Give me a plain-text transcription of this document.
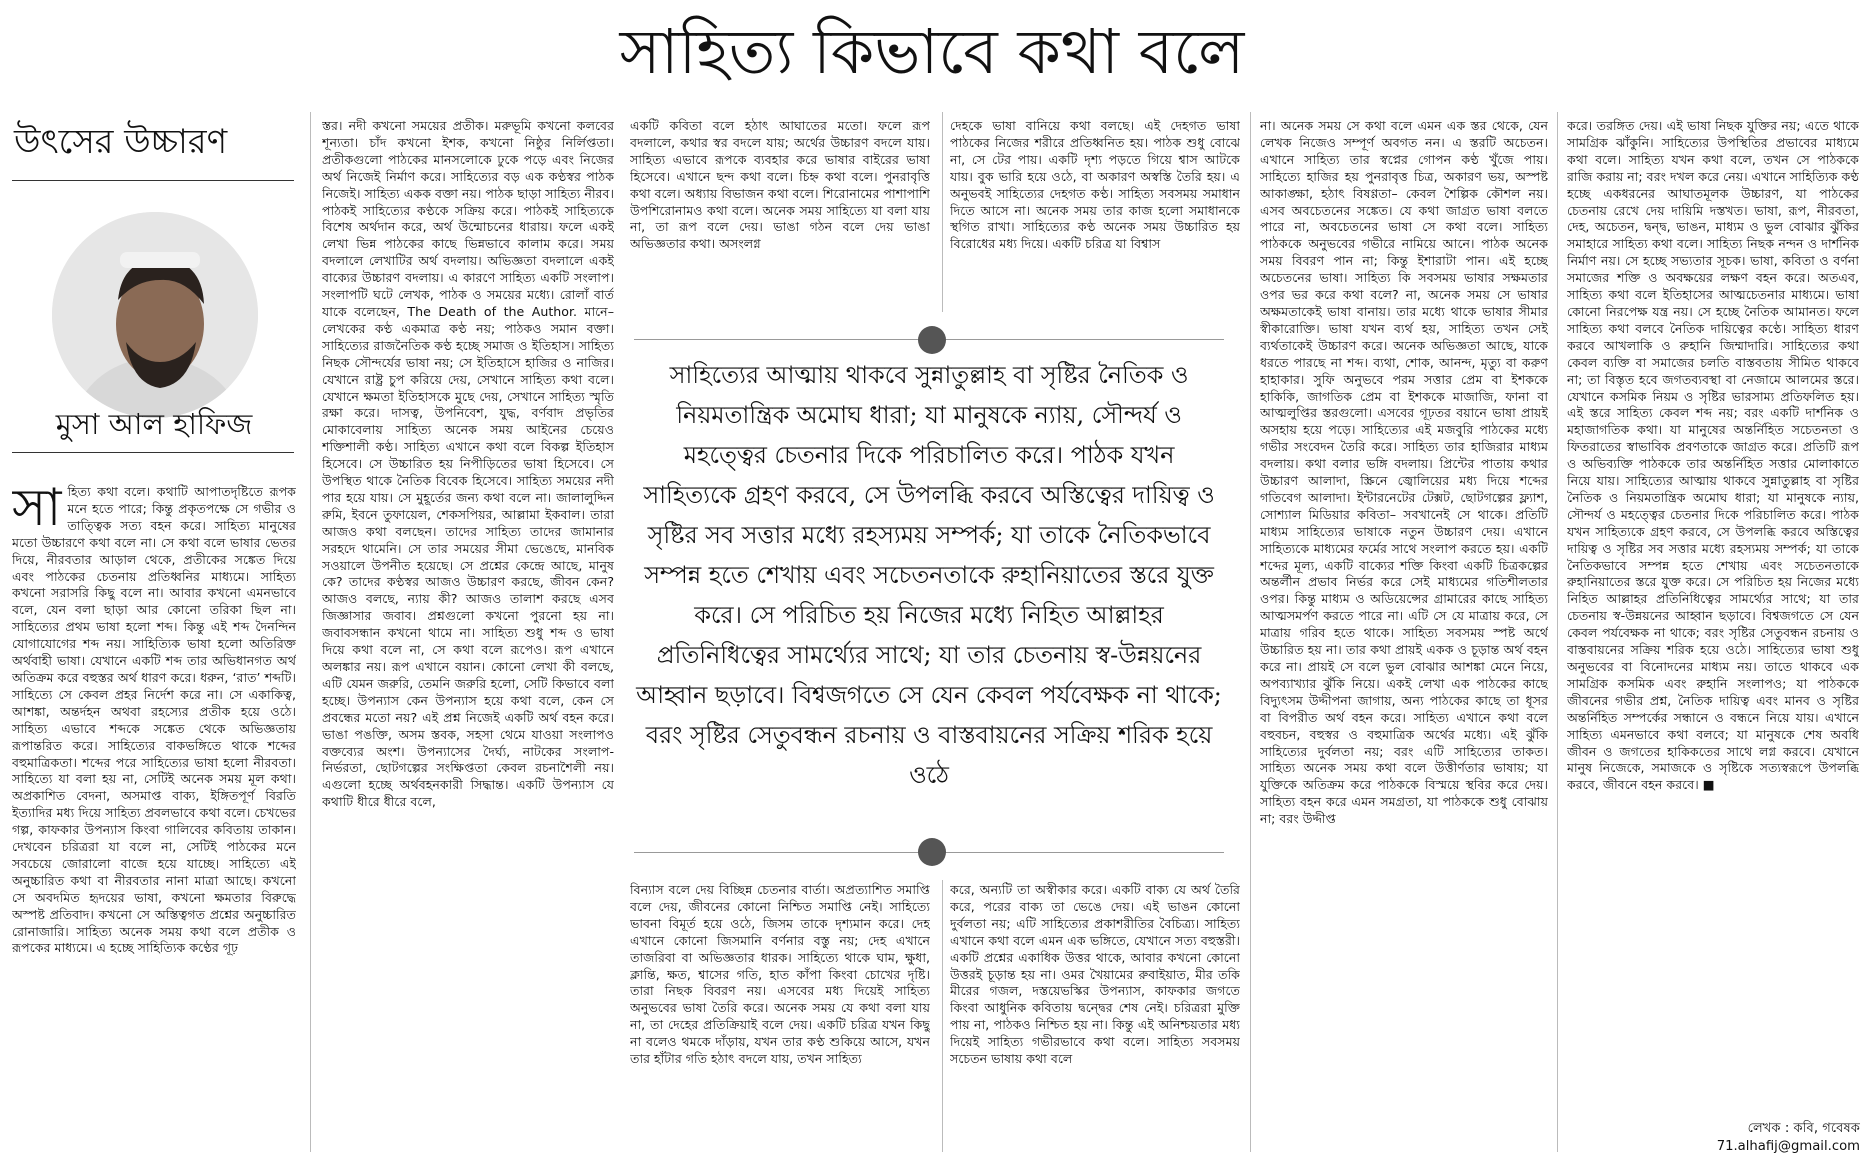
সাহিত্য কিভাবে কথা বলে
উৎসের উচ্চারণ
মুসা আল হাফিজ
সাহিত্য কথা বলে। কথাটি আপাতদৃষ্টিতে রূপক মনে হতে পারে; কিন্তু প্রকৃতপক্ষে সে গভীর ও তাত্ত্বিক সত্য বহন করে। সাহিত্য মানুষের মতো উচ্চারণে কথা বলে না। সে কথা বলে ভাষার ভেতর দিয়ে, নীরবতার আড়াল থেকে, প্রতীকের সঙ্কেত দিয়ে এবং পাঠকের চেতনায় প্রতিধ্বনির মাধ্যমে। সাহিত্য কখনো সরাসরি কিছু বলে না। আবার কখনো এমনভাবে বলে, যেন বলা ছাড়া আর কোনো তরিকা ছিল না। সাহিত্যের প্রথম ভাষা হলো শব্দ। কিন্তু এই শব্দ দৈনন্দিন যোগাযোগের শব্দ নয়। সাহিত্যিক ভাষা হলো অতিরিক্ত অর্থবাহী ভাষা। যেখানে একটি শব্দ তার অভিধানগত অর্থ অতিক্রম করে বহুস্তর অর্থ ধারণ করে। ধরুন, ‘রাত’ শব্দটি। সাহিত্যে সে কেবল প্রহর নির্দেশ করে না। সে একাকিত্ব, আশঙ্কা, অন্তর্দহন অথবা রহস্যের প্রতীক হয়ে ওঠে। সাহিত্য এভাবে শব্দকে সঙ্কেত থেকে অভিজ্ঞতায় রূপান্তরিত করে। সাহিত্যের বাকভঙ্গিতে থাকে শব্দের বহুমাত্রিকতা। শব্দের পরে সাহিত্যের ভাষা হলো নীরবতা। সাহিত্যে যা বলা হয় না, সেটিই অনেক সময় মূল কথা। অপ্রকাশিত বেদনা, অসমাপ্ত বাক্য, ইঙ্গিতপূর্ণ বিরতি ইত্যাদির মধ্য দিয়ে সাহিত্য প্রবলভাবে কথা বলে। চেখভের গল্প, কাফকার উপন্যাস কিংবা গালিবের কবিতায় তাকান। দেখবেন চরিত্ররা যা বলে না, সেটিই পাঠকের মনে সবচেয়ে জোরালো বাজে হয়ে যাচ্ছে। সাহিত্যে এই অনুচ্চারিত কথা বা নীরবতার নানা মাত্রা আছে। কখনো সে অবদমিত হৃদয়ের ভাষা, কখনো ক্ষমতার বিরুদ্ধে অস্পষ্ট প্রতিবাদ। কখনো সে অস্তিত্বগত প্রশ্নের অনুচ্চারিত রোনাজারি। সাহিত্য অনেক সময় কথা বলে প্রতীক ও রূপকের মাধ্যমে। এ হচ্ছে সাহিত্যিক কণ্ঠের গূঢ়
স্তর। নদী কখনো সময়ের প্রতীক। মরুভূমি কখনো কলবের শূন্যতা। চাঁদ কখনো ইশক, কখনো নিষ্ঠুর নির্লিপ্ততা। প্রতীকগুলো পাঠকের মানসলোকে ঢুকে পড়ে এবং নিজের অর্থ নিজেই নির্মাণ করে। সাহিত্যের বড় এক কণ্ঠস্বর পাঠক নিজেই। সাহিত্য একক বক্তা নয়। পাঠক ছাড়া সাহিত্য নীরব। পাঠকই সাহিত্যের কণ্ঠকে সক্রিয় করে। পাঠকই সাহিত্যকে বিশেষ অর্থদান করে, অর্থ উন্মোচনের ধারায়। ফলে একই লেখা ভিন্ন পাঠকের কাছে ভিন্নভাবে কালাম করে। সময় বদলালে লেখাটির অর্থ বদলায়। অভিজ্ঞতা বদলালে একই বাক্যের উচ্চারণ বদলায়। এ কারণে সাহিত্য একটি সংলাপ। সংলাপটি ঘটে লেখক, পাঠক ও সময়ের মধ্যে। রোলাঁ বার্ত যাকে বলেছেন, The Death of the Author. মানে– লেখকের কণ্ঠ একমাত্র কণ্ঠ নয়; পাঠকও সমান বক্তা। সাহিত্যের রাজনৈতিক কণ্ঠ হচ্ছে সমাজ ও ইতিহাস। সাহিত্য নিছক সৌন্দর্যের ভাষা নয়; সে ইতিহাসে হাজির ও নাজির। যেখানে রাষ্ট্র চুপ করিয়ে দেয়, সেখানে সাহিত্য কথা বলে। যেখানে ক্ষমতা ইতিহাসকে মুছে দেয়, সেখানে সাহিত্য স্মৃতি রক্ষা করে। দাসত্ব, উপনিবেশ, যুদ্ধ, বর্ণবাদ প্রভৃতির মোকাবেলায় সাহিত্য অনেক সময় আইনের চেয়েও শক্তিশালী কণ্ঠ। সাহিত্য এখানে কথা বলে বিকল্প ইতিহাস হিসেবে। সে উচ্চারিত হয় নিপীড়িতের ভাষা হিসেবে। সে উপস্থিত থাকে নৈতিক বিবেক হিসেবে। সাহিত্য সময়ের নদী পার হয়ে যায়। সে মুহূর্তের জন্য কথা বলে না। জালালুদ্দিন রুমি, ইবনে তুফায়েল, শেকসপিয়র, আল্লামা ইকবাল। তারা আজও কথা বলছেন। তাদের সাহিত্য তাদের জামানার সরহদে থামেনি। সে তার সময়ের সীমা ভেঙেছে, মানবিক সওয়ালে উপনীত হয়েছে। সে প্রশ্নের কেন্দ্রে আছে, মানুষ কে? তাদের কণ্ঠস্বর আজও উচ্চারণ করছে, জীবন কেন? আজও বলছে, ন্যায় কী? আজও তালাশ করছে এসব জিজ্ঞাসার জবাব। প্রশ্নগুলো কখনো পুরনো হয় না। জবাবসন্ধান কখনো থামে না। সাহিত্য শুধু শব্দ ও ভাষা দিয়ে কথা বলে না, সে কথা বলে রূপেও। রূপ এখানে অলঙ্কার নয়। রূপ এখানে বয়ান। কোনো লেখা কী বলছে, এটি যেমন জরুরি, তেমনি জরুরি হলো, সেটি কিভাবে বলা হচ্ছে। উপন্যাস কেন উপন্যাস হয়ে কথা বলে, কেন সে প্রবন্ধের মতো নয়? এই প্রশ্ন নিজেই একটি অর্থ বহন করে। ভাঙা পঙক্তি, অসম স্তবক, সহসা থেমে যাওয়া সংলাপও বক্তব্যের অংশ। উপন্যাসের দৈর্ঘ্য, নাটকের সংলাপ-নির্ভরতা, ছোটগল্পের সংক্ষিপ্ততা কেবল রচনাশৈলী নয়। এগুলো হচ্ছে অর্থবহনকারী সিদ্ধান্ত। একটি উপন্যাস যে কথাটি ধীরে ধীরে বলে,
একটি কবিতা বলে হঠাৎ আঘাতের মতো। ফলে রূপ বদলালে, কথার স্বর বদলে যায়; অর্থের উচ্চারণ বদলে যায়। সাহিত্য এভাবে রূপকে ব্যবহার করে ভাষার বাইরের ভাষা হিসেবে। এখানে ছন্দ কথা বলে। চিহ্ন কথা বলে। পুনরাবৃত্তি কথা বলে। অধ্যায় বিভাজন কথা বলে। শিরোনামের পাশাপাশি উপশিরোনামও কথা বলে। অনেক সময় সাহিত্যে যা বলা যায় না, তা রূপ বলে দেয়। ভাঙা গঠন বলে দেয় ভাঙা অভিজ্ঞতার কথা। অসংলগ্ন
দেহকে ভাষা বানিয়ে কথা বলছে। এই দেহগত ভাষা পাঠকের নিজের শরীরে প্রতিধ্বনিত হয়। পাঠক শুধু বোঝে না, সে টের পায়। একটি দৃশ্য পড়তে গিয়ে শ্বাস আটকে যায়। বুক ভারি হয়ে ওঠে, বা অকারণ অস্বস্তি তৈরি হয়। এ অনুভবই সাহিত্যের দেহগত কণ্ঠ। সাহিত্য সবসময় সমাধান দিতে আসে না। অনেক সময় তার কাজ হলো সমাধানকে স্থগিত রাখা। সাহিত্যের কণ্ঠ অনেক সময় উচ্চারিত হয় বিরোধের মধ্য দিয়ে। একটি চরিত্র যা বিশ্বাস

সাহিত্যের আত্মায় থাকবে সুন্নাতুল্লাহ বা সৃষ্টির নৈতিক ও নিয়মতান্ত্রিক অমোঘ ধারা; যা মানুষকে ন্যায়, সৌন্দর্য ও মহত্ত্বের চেতনার দিকে পরিচালিত করে। পাঠক যখন সাহিত্যকে গ্রহণ করবে, সে উপলব্ধি করবে অস্তিত্বের দায়িত্ব ও সৃষ্টির সব সত্তার মধ্যে রহস্যময় সম্পর্ক; যা তাকে নৈতিকভাবে সম্পন্ন হতে শেখায় এবং সচেতনতাকে রুহানিয়াতের স্তরে যুক্ত করে। সে পরিচিত হয় নিজের মধ্যে নিহিত আল্লাহর প্রতিনিধিত্বের সামর্থ্যের সাথে; যা তার চেতনায় স্ব-উন্নয়নের আহ্বান ছড়াবে। বিশ্বজগতে সে যেন কেবল পর্যবেক্ষক না থাকে; বরং সৃষ্টির সেতুবন্ধন রচনায় ও বাস্তবায়নের সক্রিয় শরিক হয়ে ওঠে

বিন্যাস বলে দেয় বিচ্ছিন্ন চেতনার বার্তা। অপ্রত্যাশিত সমাপ্তি বলে দেয়, জীবনের কোনো নিশ্চিত সমাপ্তি নেই। সাহিত্যে ভাবনা বিমূর্ত হয়ে ওঠে, জিসম তাকে দৃশ্যমান করে। দেহ এখানে কোনো জিসমানি বর্ণনার বস্তু নয়; দেহ এখানে তাজরিবা বা অভিজ্ঞতার ধারক। সাহিত্যে থাকে ঘাম, ক্ষুধা, ক্লান্তি, ক্ষত, শ্বাসের গতি, হাত কাঁপা কিংবা চোখের দৃষ্টি। তারা নিছক বিবরণ নয়। এসবের মধ্য দিয়েই সাহিত্য অনুভবের ভাষা তৈরি করে। অনেক সময় যে কথা বলা যায় না, তা দেহের প্রতিক্রিয়াই বলে দেয়। একটি চরিত্র যখন কিছু না বলেও থমকে দাঁড়ায়, যখন তার কণ্ঠ শুকিয়ে আসে, যখন তার হাঁটার গতি হঠাৎ বদলে যায়, তখন সাহিত্য
করে, অন্যটি তা অস্বীকার করে। একটি বাক্য যে অর্থ তৈরি করে, পরের বাক্য তা ভেঙে দেয়। এই ভাঙন কোনো দুর্বলতা নয়; এটি সাহিত্যের প্রকাশরীতির বৈচিত্র্য। সাহিত্য এখানে কথা বলে এমন এক ভঙ্গিতে, যেখানে সত্য বহুস্তরী। একটি প্রশ্নের একাধিক উত্তর থাকে, আবার কখনো কোনো উত্তরই চূড়ান্ত হয় না। ওমর খৈয়ামের রুবাইয়াত, মীর তকি মীরের গজল, দস্তয়েভস্কির উপন্যাস, কাফকার জগতে কিংবা আধুনিক কবিতায় দ্বন্দ্বের শেষ নেই। চরিত্ররা মুক্তি পায় না, পাঠকও নিশ্চিত হয় না। কিন্তু এই অনিশ্চয়তার মধ্য দিয়েই সাহিত্য গভীরভাবে কথা বলে। সাহিত্য সবসময় সচেতন ভাষায় কথা বলে
না। অনেক সময় সে কথা বলে এমন এক স্তর থেকে, যেন লেখক নিজেও সম্পূর্ণ অবগত নন। এ স্তরটি অচেতন। এখানে সাহিত্য তার স্বপ্নের গোপন কণ্ঠ খুঁজে পায়। সাহিত্যে হাজির হয় পুনরাবৃত্ত চিত্র, অকারণ ভয়, অস্পষ্ট আকাঙ্ক্ষা, হঠাৎ বিষণ্ণতা– কেবল শৈল্পিক কৌশল নয়। এসব অবচেতনের সঙ্কেত। যে কথা জাগ্রত ভাষা বলতে পারে না, অবচেতনের ভাষা সে কথা বলে। সাহিত্য পাঠককে অনুভবের গভীরে নামিয়ে আনে। পাঠক অনেক সময় বিবরণ পান না; কিন্তু ইশারাটা পান। এই হচ্ছে অচেতনের ভাষা। সাহিত্য কি সবসময় ভাষার সক্ষমতার ওপর ভর করে কথা বলে? না, অনেক সময় সে ভাষার অক্ষমতাকেই ভাষা বানায়। তার মধ্যে থাকে ভাষার সীমার স্বীকারোক্তি। ভাষা যখন ব্যর্থ হয়, সাহিত্য তখন সেই ব্যর্থতাকেই উচ্চারণ করে। অনেক অভিজ্ঞতা আছে, যাকে ধরতে পারছে না শব্দ। ব্যথা, শোক, আনন্দ, মৃত্যু বা করুণ হাহাকার। সুফি অনুভবে পরম সত্তার প্রেম বা ইশককে হাকিকি, জাগতিক প্রেম বা ইশককে মাজাজি, ফানা বা আত্মলুপ্তির স্তরগুলো। এসবের গূঢ়তর বয়ানে ভাষা প্রায়ই অসহায় হয়ে পড়ে। সাহিত্যের এই মজবুরি পাঠকের মধ্যে গভীর সংবেদন তৈরি করে। সাহিত্য তার হাজিরার মাধ্যম বদলায়। কথা বলার ভঙ্গি বদলায়। প্রিন্টের পাতায় কথার উচ্চারণ আলাদা, স্ক্রিনে জ্বোলিয়ের মধ্য দিয়ে শব্দের গতিবেগ আলাদা। ইন্টারনেটের টেক্সট, ছোটগল্পের ফ্ল্যাশ, সোশ্যাল মিডিয়ার কবিতা– সবখানেই সে থাকে। প্রতিটি মাধ্যম সাহিত্যের ভাষাকে নতুন উচ্চারণ দেয়। এখানে সাহিত্যকে মাধ্যমের ফর্মের সাথে সংলাপ করতে হয়। একটি শব্দের মূল্য, একটি বাক্যের শক্তি কিংবা একটি চিত্রকল্পের অন্তর্লীন প্রভাব নির্ভর করে সেই মাধ্যমের গতিশীলতার ওপর। কিন্তু মাধ্যম ও অডিয়েন্সের গ্রামারের কাছে সাহিত্য আত্মসমর্পণ করতে পারে না। এটি সে যে মাত্রায় করে, সে মাত্রায় গরিব হতে থাকে। সাহিত্য সবসময় স্পষ্ট অর্থে উচ্চারিত হয় না। তার কথা প্রায়ই একক ও চূড়ান্ত অর্থ বহন করে না। প্রায়ই সে বলে ভুল বোঝার আশঙ্কা মেনে নিয়ে, অপব্যাখ্যার ঝুঁকি নিয়ে। একই লেখা এক পাঠকের কাছে বিদ্যুৎসম উদ্দীপনা জাগায়, অন্য পাঠকের কাছে তা ধূসর বা বিপরীত অর্থ বহন করে। সাহিত্য এখানে কথা বলে বহুবচন, বহুস্বর ও বহুমাত্রিক অর্থের মধ্যে। এই ঝুঁকি সাহিত্যের দুর্বলতা নয়; বরং এটি সাহিত্যের তাকত। সাহিত্য অনেক সময় কথা বলে উত্তীর্ণতার ভাষায়; যা যুক্তিকে অতিক্রম করে পাঠককে বিস্ময়ে স্থবির করে দেয়। সাহিত্য বহন করে এমন সমগ্রতা, যা পাঠককে শুধু বোঝায় না; বরং উদ্দীপ্ত
করে। তরঙ্গিত দেয়। এই ভাষা নিছক যুক্তির নয়; এতে থাকে সামগ্রিক ঝাঁকুনি। সাহিত্যের উপস্থিতির প্রভাবের মাধ্যমে কথা বলে। সাহিত্য যখন কথা বলে, তখন সে পাঠককে রাজি করায় না; বরং দখল করে নেয়। এখানে সাহিত্যিক কণ্ঠ হচ্ছে একধরনের আঘাতমূলক উচ্চারণ, যা পাঠকের চেতনায় রেখে দেয় দায়িমি দস্তখত। ভাষা, রূপ, নীরবতা, দেহ, অচেতন, দ্বন্দ্ব, ভাঙন, মাধ্যম ও ভুল বোঝার ঝুঁকির সমাহারে সাহিত্য কথা বলে। সাহিত্য নিছক নন্দন ও দার্শনিক নির্মাণ নয়। সে হচ্ছে সভ্যতার সূচক। ভাষা, কবিতা ও বর্ণনা সমাজের শক্তি ও অবক্ষয়ের লক্ষণ বহন করে। অতএব, সাহিত্য কথা বলে ইতিহাসের আত্মচেতনার মাধ্যমে। ভাষা কোনো নিরপেক্ষ যন্ত্র নয়। সে হচ্ছে নৈতিক আমানত। ফলে সাহিত্য কথা বলবে নৈতিক দায়িত্বের কণ্ঠে। সাহিত্য ধারণ করবে আখলাকি ও রুহানি জিম্মাদারি। সাহিত্যের কথা কেবল ব্যক্তি বা সমাজের চলতি বাস্তবতায় সীমিত থাকবে না; তা বিস্তৃত হবে জগতব্যবস্থা বা নেজামে আলমের স্তরে। যেখানে কসমিক নিয়ম ও সৃষ্টির ভারসাম্য প্রতিফলিত হয়। এই স্তরে সাহিত্য কেবল শব্দ নয়; বরং একটি দার্শনিক ও মহাজাগতিক কথা। যা মানুষের অন্তর্নিহিত সচেতনতা ও ফিতরাতের স্বাভাবিক প্রবণতাকে জাগ্রত করে। প্রতিটি রূপ ও অভিব্যক্তি পাঠককে তার অন্তর্নিহিত সত্তার মোলাকাতে নিয়ে যায়। সাহিত্যের আত্মায় থাকবে সুন্নাতুল্লাহ বা সৃষ্টির নৈতিক ও নিয়মতান্ত্রিক অমোঘ ধারা; যা মানুষকে ন্যায়, সৌন্দর্য ও মহত্ত্বের চেতনার দিকে পরিচালিত করে। পাঠক যখন সাহিত্যকে গ্রহণ করবে, সে উপলব্ধি করবে অস্তিত্বের দায়িত্ব ও সৃষ্টির সব সত্তার মধ্যে রহস্যময় সম্পর্ক; যা তাকে নৈতিকভাবে সম্পন্ন হতে শেখায় এবং সচেতনতাকে রুহানিয়াতের স্তরে যুক্ত করে। সে পরিচিত হয় নিজের মধ্যে নিহিত আল্লাহর প্রতিনিধিত্বের সামর্থ্যের সাথে; যা তার চেতনায় স্ব-উন্নয়নের আহ্বান ছড়াবে। বিশ্বজগতে সে যেন কেবল পর্যবেক্ষক না থাকে; বরং সৃষ্টির সেতুবন্ধন রচনায় ও বাস্তবায়নের সক্রিয় শরিক হয়ে ওঠে। সাহিত্যের ভাষা শুধু অনুভবের বা বিনোদনের মাধ্যম নয়। তাতে থাকবে এক সামগ্রিক কসমিক এবং রুহানি সংলাপও; যা পাঠককে জীবনের গভীর প্রশ্ন, নৈতিক দায়িত্ব এবং মানব ও সৃষ্টির অন্তর্নিহিত সম্পর্কের সন্ধানে ও বন্ধনে নিয়ে যায়। এখানে সাহিত্য এমনভাবে কথা বলবে; যা মানুষকে শেষ অবধি জীবন ও জগতের হাকিকতের সাথে লগ্ন করবে। যেখানে মানুষ নিজেকে, সমাজকে ও সৃষ্টিকে সত্যস্বরূপে উপলব্ধি করবে, জীবনে বহন করবে। ■
লেখক : কবি, গবেষক
71.alhafij@gmail.com
